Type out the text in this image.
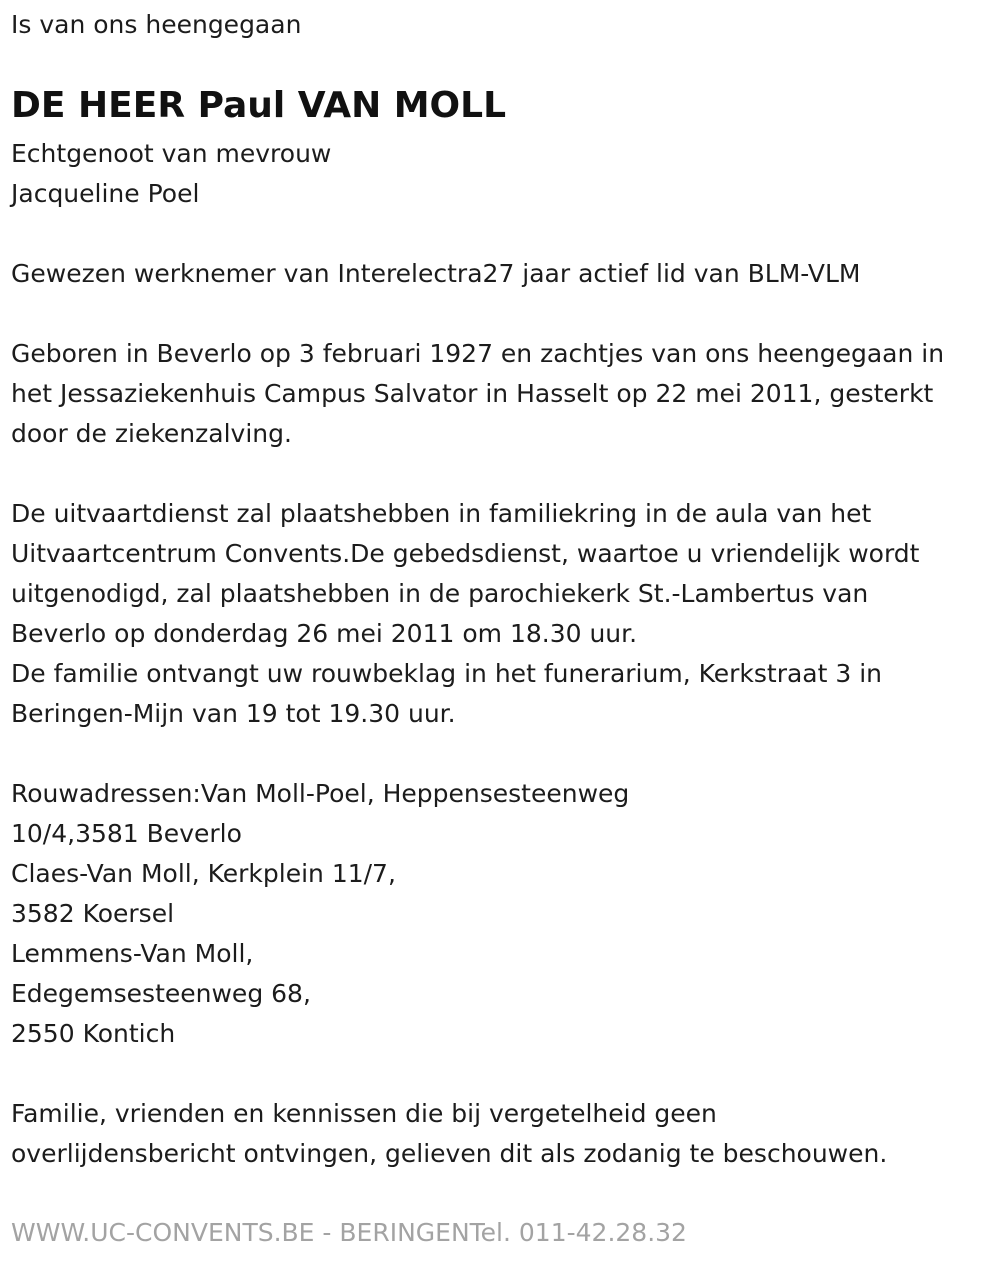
Is van ons heengegaan
DE HEER Paul VAN MOLL
Echtgenoot van mevrouw
Jacqueline Poel
Gewezen werknemer van Interelectra27 jaar actief lid van BLM-VLM
Geboren in Beverlo op 3 februari 1927 en zachtjes van ons heengegaan in
het Jessaziekenhuis Campus Salvator in Hasselt op 22 mei 2011, gesterkt
door de ziekenzalving.
De uitvaartdienst zal plaatshebben in familiekring in de aula van het
Uitvaartcentrum Convents.De gebedsdienst, waartoe u vriendelijk wordt
uitgenodigd, zal plaatshebben in de parochiekerk St.-Lambertus van
Beverlo op donderdag 26 mei 2011 om 18.30 uur.
De familie ontvangt uw rouwbeklag in het funerarium, Kerkstraat 3 in
Beringen-Mijn van 19 tot 19.30 uur.
Rouwadressen:Van Moll-Poel, Heppensesteenweg
10/4,3581 Beverlo
Claes-Van Moll, Kerkplein 11/7,
3582 Koersel
Lemmens-Van Moll,
Edegemsesteenweg 68,
2550 Kontich
Familie, vrienden en kennissen die bij vergetelheid geen
overlijdensbericht ontvingen, gelieven dit als zodanig te beschouwen.
WWW.UC-CONVENTS.BE - BERINGENTel. 011-42.28.32
